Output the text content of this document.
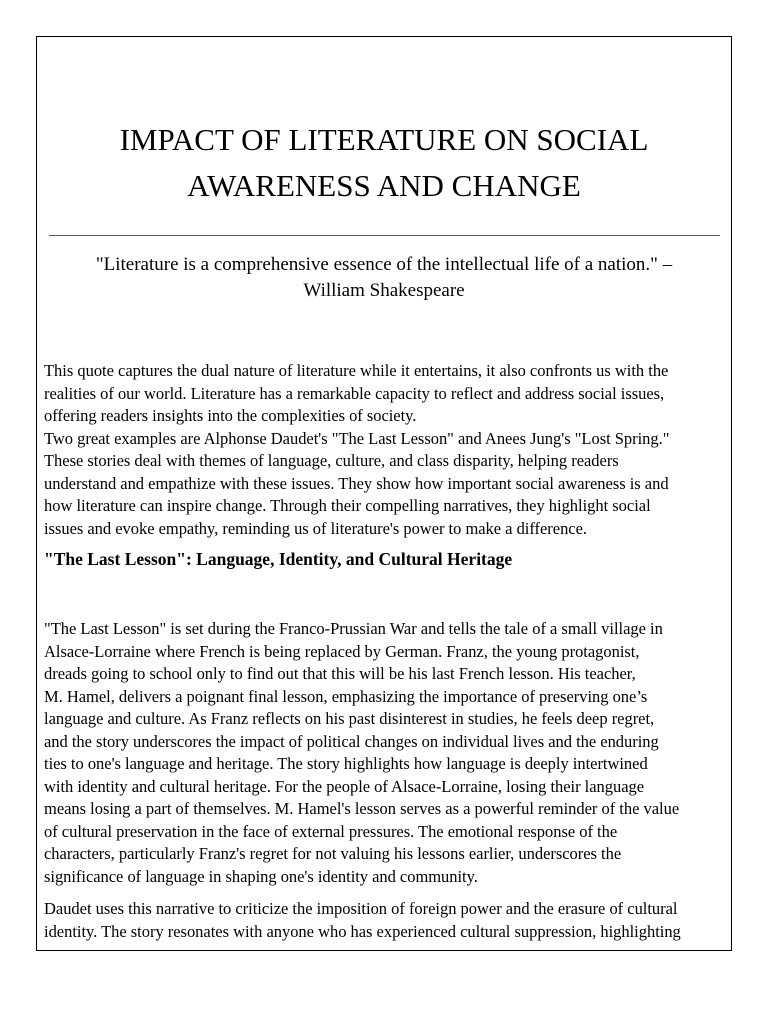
IMPACT OF LITERATURE ON SOCIAL
AWARENESS AND CHANGE
"Literature is a comprehensive essence of the intellectual life of a nation." –
William Shakespeare
This quote captures the dual nature of literature while it entertains, it also confronts us with the
realities of our world. Literature has a remarkable capacity to reflect and address social issues,
offering readers insights into the complexities of society.
Two great examples are Alphonse Daudet's "The Last Lesson" and Anees Jung's "Lost Spring."
These stories deal with themes of language, culture, and class disparity, helping readers
understand and empathize with these issues. They show how important social awareness is and
how literature can inspire change. Through their compelling narratives, they highlight social
issues and evoke empathy, reminding us of literature's power to make a difference.
"The Last Lesson": Language, Identity, and Cultural Heritage
"The Last Lesson" is set during the Franco-Prussian War and tells the tale of a small village in
Alsace-Lorraine where French is being replaced by German. Franz, the young protagonist,
dreads going to school only to find out that this will be his last French lesson. His teacher,
M. Hamel, delivers a poignant final lesson, emphasizing the importance of preserving one’s
language and culture. As Franz reflects on his past disinterest in studies, he feels deep regret,
and the story underscores the impact of political changes on individual lives and the enduring
ties to one's language and heritage. The story highlights how language is deeply intertwined
with identity and cultural heritage. For the people of Alsace-Lorraine, losing their language
means losing a part of themselves. M. Hamel's lesson serves as a powerful reminder of the value
of cultural preservation in the face of external pressures. The emotional response of the
characters, particularly Franz's regret for not valuing his lessons earlier, underscores the
significance of language in shaping one's identity and community.
Daudet uses this narrative to criticize the imposition of foreign power and the erasure of cultural
identity. The story resonates with anyone who has experienced cultural suppression, highlighting
